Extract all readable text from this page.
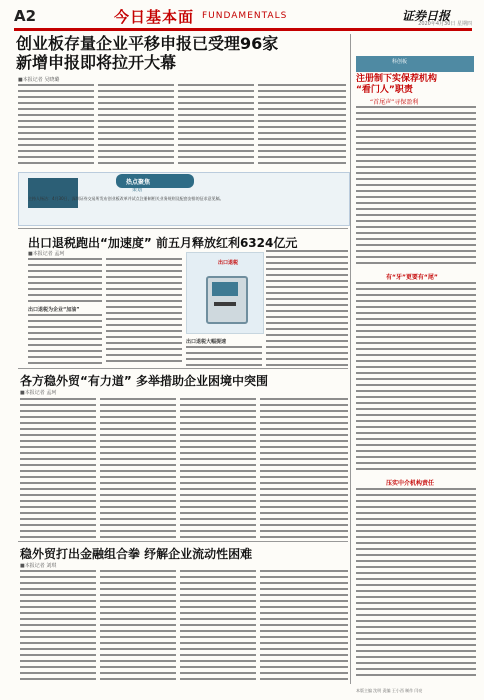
A2	今日基本面 FUNDAMENTALS	证券日报
2020年4月30日 星期四
创业板存量企业平移申报已受理96家
新增申报即将拉开大幕
■本报记者 吴晓璐
科创板
注册制下实保荐机构
“看门人”职责
“首尾声”寻保盈利
有“牙”更要有“尾”
压实中介机构责任
热点聚焦
策划
主持人杨洁：4月30日，深圳证券交易所发布创业板改革并试点注册制相关业务规则及配套安排的征求意见稿。
出口退税跑出“加速度” 前五月释放红利6324亿元
■本报记者 孟珂
出口退税为企业“加油”
出口退税
出口退税大幅提速
各方稳外贸“有力道” 多举措助企业困境中突围
■本报记者 孟珂
稳外贸打出金融组合拳 纾解企业流动性困难
■本报记者 刘琪
本版主编 沈明 责编 王小西 制作 闫亮
